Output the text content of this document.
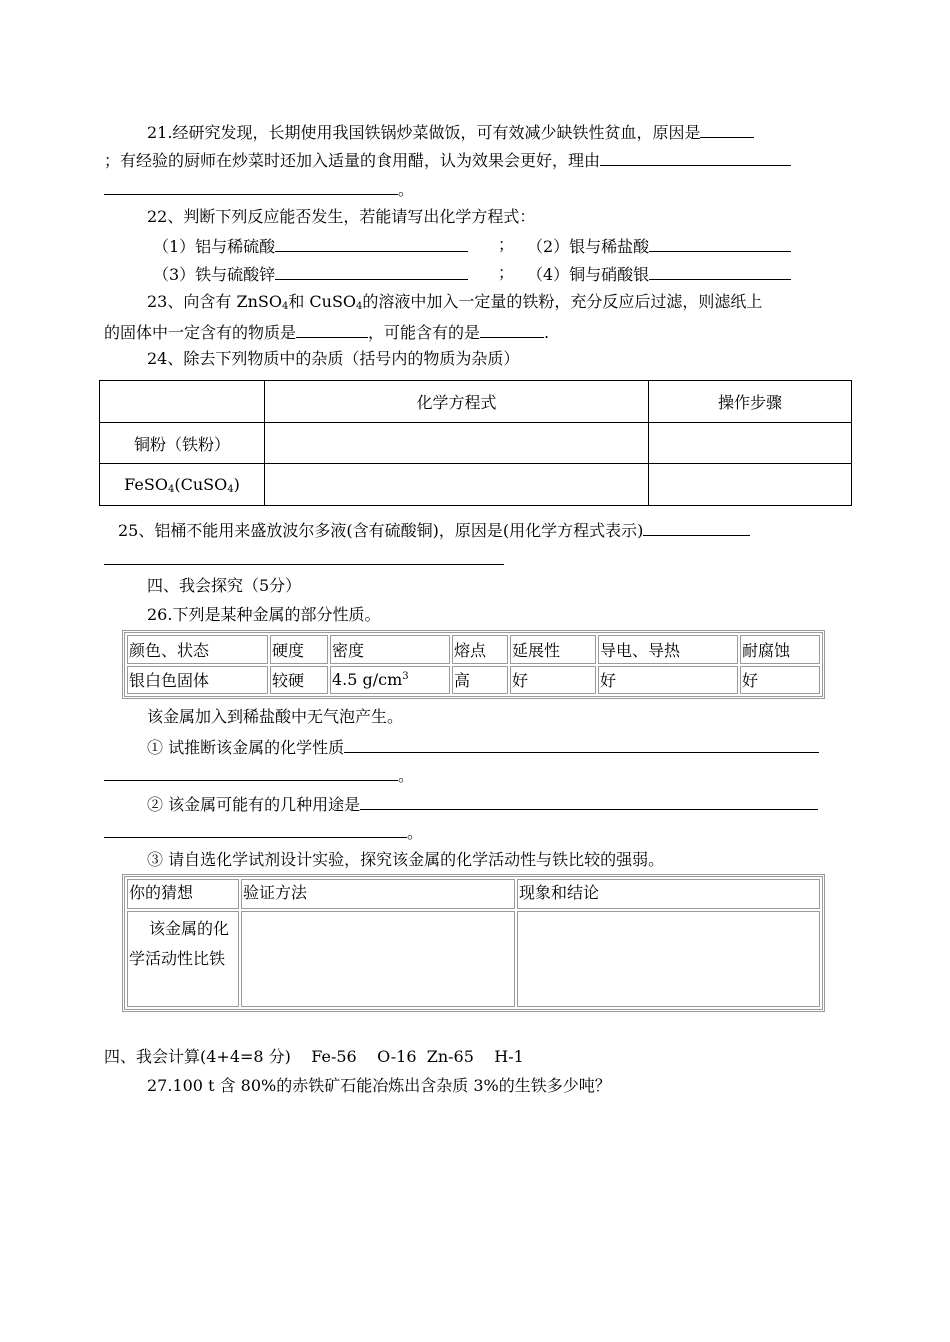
21.经研究发现，长期使用我国铁锅炒菜做饭，可有效减少缺铁性贫血，原因是
；有经验的厨师在炒菜时还加入适量的食用醋，认为效果会更好，理由
。
22、判断下列反应能否发生，若能请写出化学方程式：
（1）铝与稀硫酸	； （2）银与稀盐酸
（3）铁与硫酸锌	； （4）铜与硝酸银
23、向含有 ZnSO$_4$和 CuSO$_4$的溶液中加入一定量的铁粉，充分反应后过滤，则滤纸上
的固体中一定含有的物质是	，可能含有的是	.
24、除去下列物质中的杂质（括号内的物质为杂质）
	化学方程式	操作步骤
铜粉（铁粉）		
FeSO$_4$(CuSO$_4$)		
25、铝桶不能用来盛放波尔多液(含有硫酸铜)，原因是(用化学方程式表示)
四、我会探究（5分）
26.下列是某种金属的部分性质。
颜色、状态	硬度	密度	熔点	延展性	导电、导热	耐腐蚀
银白色固体	较硬	4.5 $g/cm^3$	高	好	好	好
该金属加入到稀盐酸中无气泡产生。
① 试推断该金属的化学性质
。
② 该金属可能有的几种用途是
。
③ 请自选化学试剂设计实验，探究该金属的化学活动性与铁比较的强弱。
你的猜想	验证方法	现象和结论

该金属的化
学活动性比铁		

四、我会计算(4+4=8 分)    Fe-56    O-16  Zn-65    H-1
27.100 t 含 80%的赤铁矿石能冶炼出含杂质 3%的生铁多少吨？
